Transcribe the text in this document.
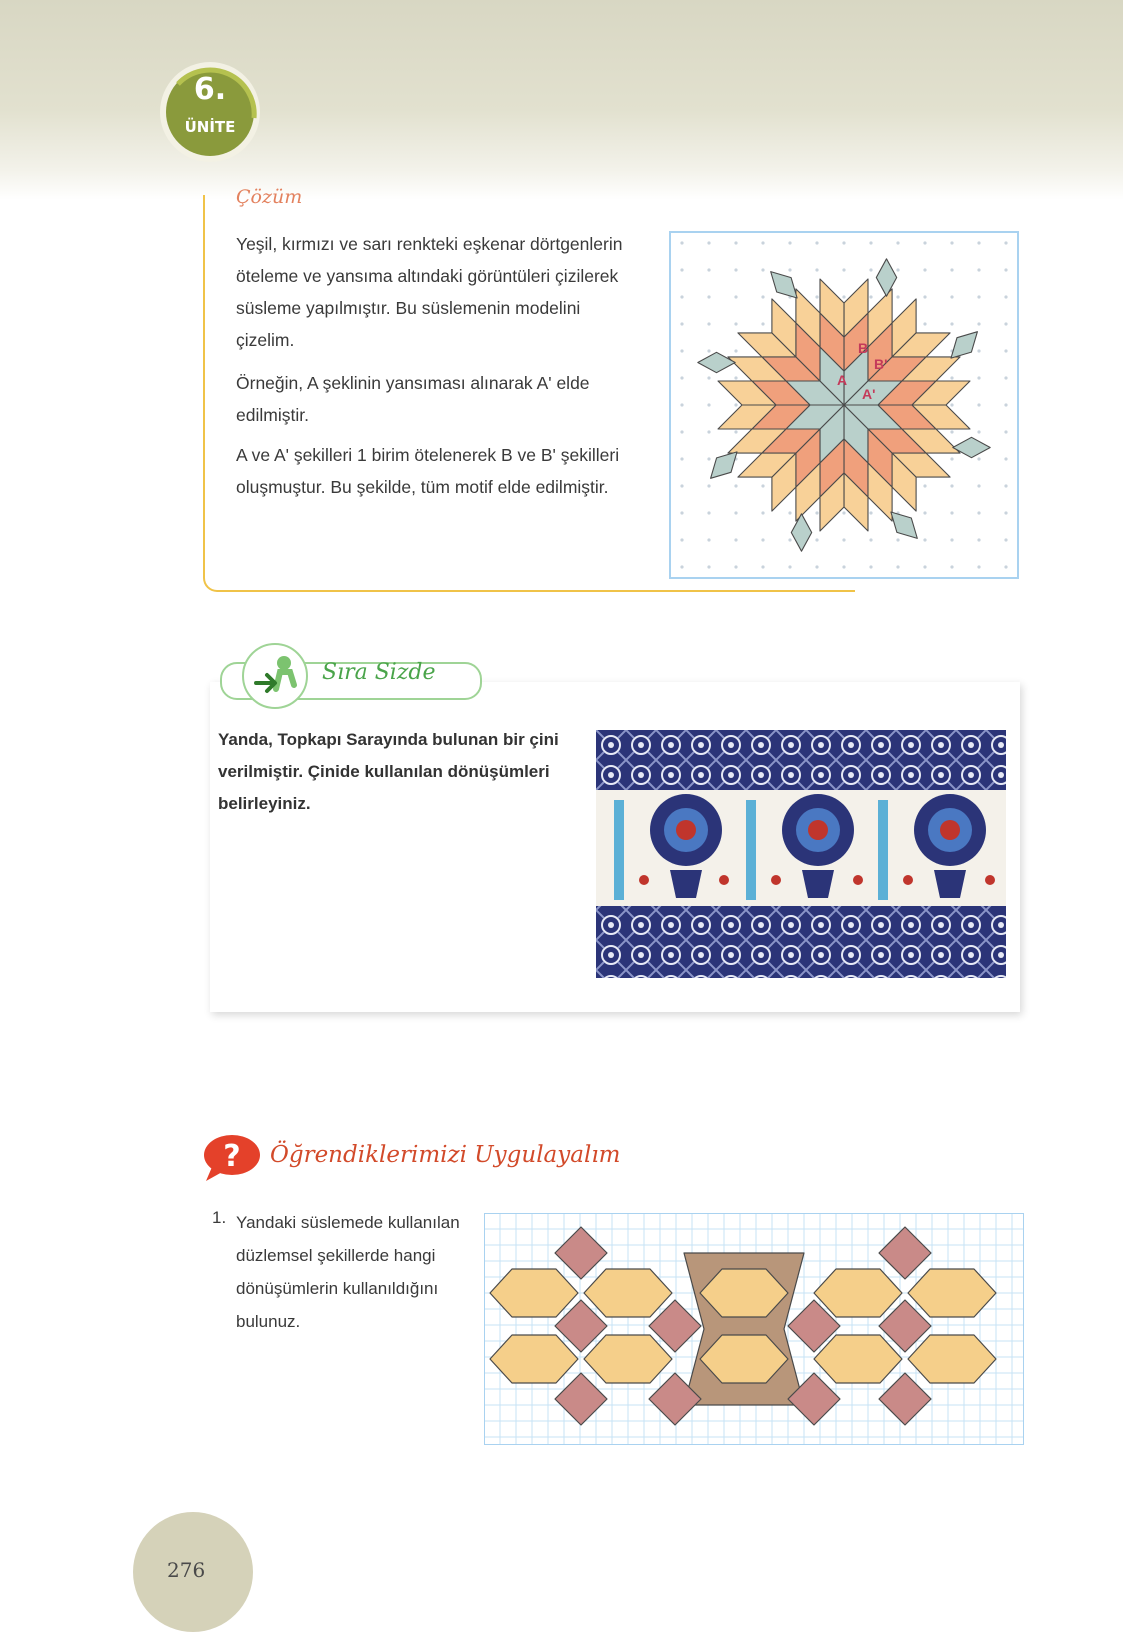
6.
ÜNİTE
Çözüm

Yeşil, kırmızı ve sarı renkteki eşkenar dörtgenlerin öteleme ve yansıma altındaki görüntüleri çizilerek süsleme yapılmıştır. Bu süslemenin modelini çizelim.

Örneğin, A şeklinin yansıması alınarak A' elde edilmiştir.

A ve A' şekilleri 1 birim ötelenerek B ve B' şekilleri oluşmuştur. Bu şekilde, tüm motif elde edilmiştir.

B
B'
A
A'
Sıra Sizde

Yanda, Topkapı Sarayında bulunan bir çini verilmiştir. Çinide kullanılan dönüşümleri belirleyiniz.

? Öğrendiklerimizi Uygulayalım
1. Yandaki süslemede kullanılan düzlemsel şekillerde hangi dönüşümlerin kullanıldığını bulunuz.

276
